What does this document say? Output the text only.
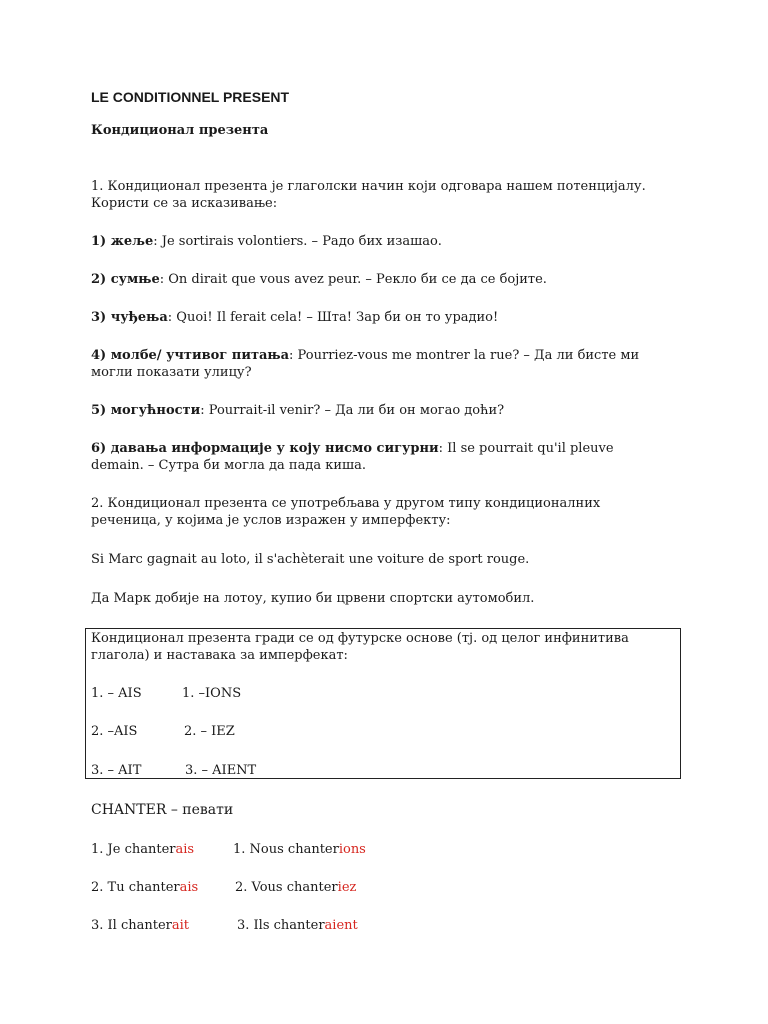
LE CONDITIONNEL PRESENT

Кондиционал презента

1. Кондиционал презента је глаголски начин који одговара нашем потенцијалу.

Користи се за исказивање:

1) жеље: Je sortirais volontiers. – Радо бих изашао.

2) сумње: On dirait que vous avez peur. – Рекло би се да се бојите.

3) чуђења: Quoi! Il ferait cela! – Шта! Зар би он то урадио!

4) молбе/ учтивог питања: Pourriez-vous me montrer la rue? – Да ли бисте ми

могли показати улицу?

5) могућности: Pourrait-il venir? – Да ли би он могао доћи?

6) давања информације у коју нисмо сигурни: Il se pourrait qu'il pleuve

demain. – Сутра би могла да пада киша.

2. Кондиционал презента се употребљава у другом типу кондиционалних

реченица, у којима је услов изражен у имперфекту:

Si Marc gagnait au loto, il s'achèterait une voiture de sport rouge.

Да Марк добије на лотоу, купио би црвени спортски аутомобил.

Кондиционал презента гради се од футурске основе (тј. од целог инфинитива

глагола) и наставака за имперфекат:

1. – AIS	1. –IONS

2. –AIS	2. – IEZ

3. – AIT	3. – AIENT

CHANTER – певати

1. Je chanterais	1. Nous chanterions

2. Tu chanterais	2. Vous chanteriez

3. Il chanterait	3. Ils chanteraient
